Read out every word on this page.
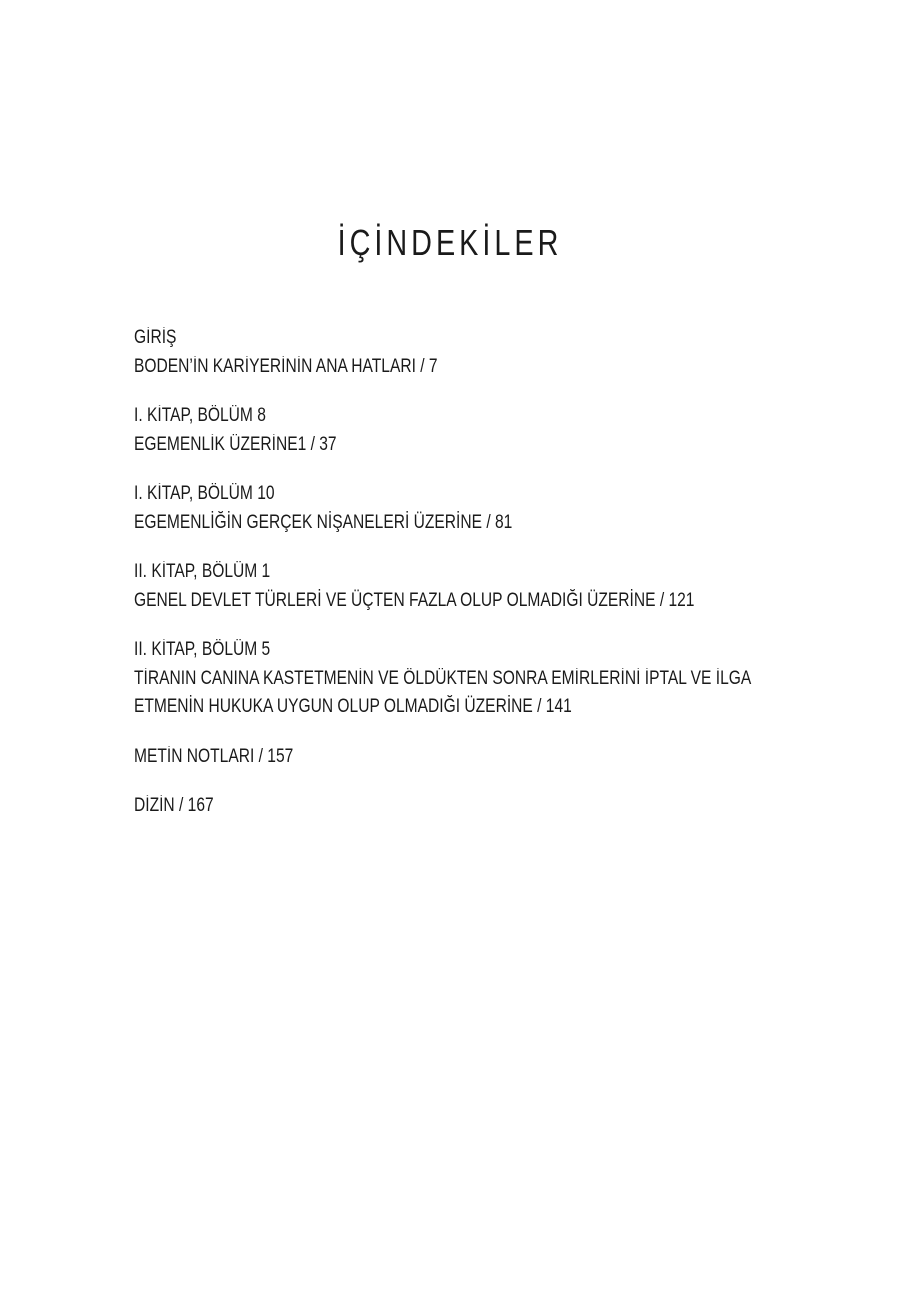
İÇİNDEKİLER
GİRİŞ
BODEN’İN KARİYERİNİN ANA HATLARI / 7
I. KİTAP, BÖLÜM 8
EGEMENLİK ÜZERİNE1 / 37
I. KİTAP, BÖLÜM 10
EGEMENLİĞİN GERÇEK NİŞANELERİ ÜZERİNE / 81
II. KİTAP, BÖLÜM 1
GENEL DEVLET TÜRLERİ VE ÜÇTEN FAZLA OLUP OLMADIĞI ÜZERİNE / 121
II. KİTAP, BÖLÜM 5
TİRANIN CANINA KASTETMENİN VE ÖLDÜKTEN SONRA EMİRLERİNİ İPTAL VE İLGA
ETMENİN HUKUKA UYGUN OLUP OLMADIĞI ÜZERİNE / 141
METİN NOTLARI / 157
DİZİN / 167
